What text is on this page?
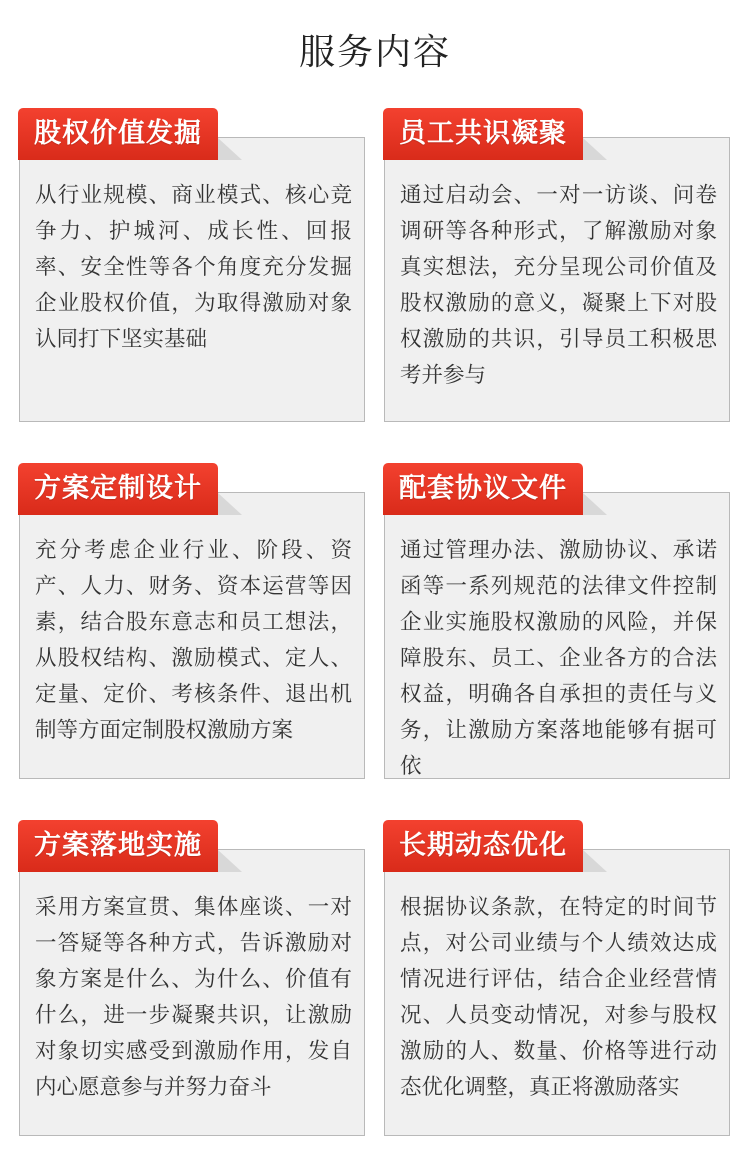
服务内容
股权价值发掘
从行业规模、商业模式、核心竞争力、护城河、成长性、回报率、安全性等各个角度充分发掘企业股权价值，为取得激励对象认同打下坚实基础
员工共识凝聚
通过启动会、一对一访谈、问卷调研等各种形式，了解激励对象真实想法，充分呈现公司价值及股权激励的意义，凝聚上下对股权激励的共识，引导员工积极思考并参与
方案定制设计
充分考虑企业行业、阶段、资产、人力、财务、资本运营等因素，结合股东意志和员工想法，从股权结构、激励模式、定人、定量、定价、考核条件、退出机制等方面定制股权激励方案
配套协议文件
通过管理办法、激励协议、承诺函等一系列规范的法律文件控制企业实施股权激励的风险，并保障股东、员工、企业各方的合法权益，明确各自承担的责任与义务，让激励方案落地能够有据可依
方案落地实施
采用方案宣贯、集体座谈、一对一答疑等各种方式，告诉激励对象方案是什么、为什么、价值有什么，进一步凝聚共识，让激励对象切实感受到激励作用，发自内心愿意参与并努力奋斗
长期动态优化
根据协议条款，在特定的时间节点，对公司业绩与个人绩效达成情况进行评估，结合企业经营情况、人员变动情况，对参与股权激励的人、数量、价格等进行动态优化调整，真正将激励落实
